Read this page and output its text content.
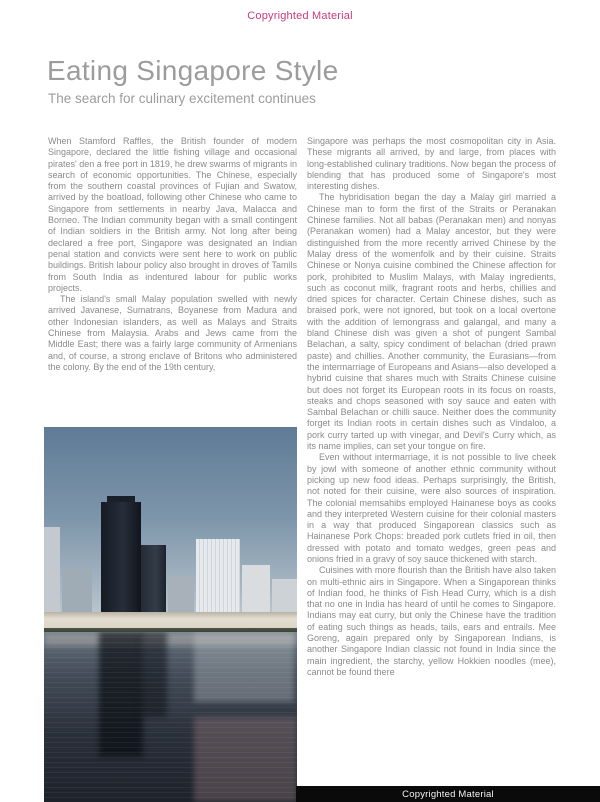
Copyrighted Material
Eating Singapore Style
The search for culinary excitement continues

When Stamford Raffles, the British founder of modern Singapore, declared the little fishing village and occasional pirates' den a free port in 1819, he drew swarms of migrants in search of economic opportunities. The Chinese, especially from the southern coastal provinces of Fujian and Swatow, arrived by the boatload, following other Chinese who came to Singapore from settlements in nearby Java, Malacca and Borneo. The Indian community began with a small contingent of Indian soldiers in the British army. Not long after being declared a free port, Singapore was designated an Indian penal station and convicts were sent here to work on public buildings. British labour policy also brought in droves of Tamils from South India as indentured labour for public works projects.

The island's small Malay population swelled with newly arrived Javanese, Sumatrans, Boyanese from Madura and other Indonesian islanders, as well as Malays and Straits Chinese from Malaysia. Arabs and Jews came from the Middle East; there was a fairly large community of Armenians and, of course, a strong enclave of Britons who administered the colony. By the end of the 19th century,

Singapore was perhaps the most cosmopolitan city in Asia. These migrants all arrived, by and large, from places with long-established culinary traditions. Now began the process of blending that has produced some of Singapore's most interesting dishes.

The hybridisation began the day a Malay girl married a Chinese man to form the first of the Straits or Peranakan Chinese families. Not all babas (Peranakan men) and nonyas (Peranakan women) had a Malay ancestor, but they were distinguished from the more recently arrived Chinese by the Malay dress of the womenfolk and by their cuisine. Straits Chinese or Nonya cuisine combined the Chinese affection for pork, prohibited to Muslim Malays, with Malay ingredients, such as coconut milk, fragrant roots and herbs, chillies and dried spices for character. Certain Chinese dishes, such as braised pork, were not ignored, but took on a local overtone with the addition of lemongrass and galangal, and many a bland Chinese dish was given a shot of pungent Sambal Belachan, a salty, spicy condiment of belachan (dried prawn paste) and chillies. Another community, the Eurasians—from the intermarriage of Europeans and Asians—also developed a hybrid cuisine that shares much with Straits Chinese cuisine but does not forget its European roots in its focus on roasts, steaks and chops seasoned with soy sauce and eaten with Sambal Belachan or chilli sauce. Neither does the community forget its Indian roots in certain dishes such as Vindaloo, a pork curry tarted up with vinegar, and Devil's Curry which, as its name implies, can set your tongue on fire.

Even without intermarriage, it is not possible to live cheek by jowl with someone of another ethnic community without picking up new food ideas. Perhaps surprisingly, the British, not noted for their cuisine, were also sources of inspiration. The colonial memsahibs employed Hainanese boys as cooks and they interpreted Western cuisine for their colonial masters in a way that produced Singaporean classics such as Hainanese Pork Chops: breaded pork cutlets fried in oil, then dressed with potato and tomato wedges, green peas and onions fried in a gravy of soy sauce thickened with starch.

Cuisines with more flourish than the British have also taken on multi-ethnic airs in Singapore. When a Singaporean thinks of Indian food, he thinks of Fish Head Curry, which is a dish that no one in India has heard of until he comes to Singapore. Indians may eat curry, but only the Chinese have the tradition of eating such things as heads, tails, ears and entrails. Mee Goreng, again prepared only by Singaporean Indians, is another Singapore Indian classic not found in India since the main ingredient, the starchy, yellow Hokkien noodles (mee), cannot be found there

Copyrighted Material
